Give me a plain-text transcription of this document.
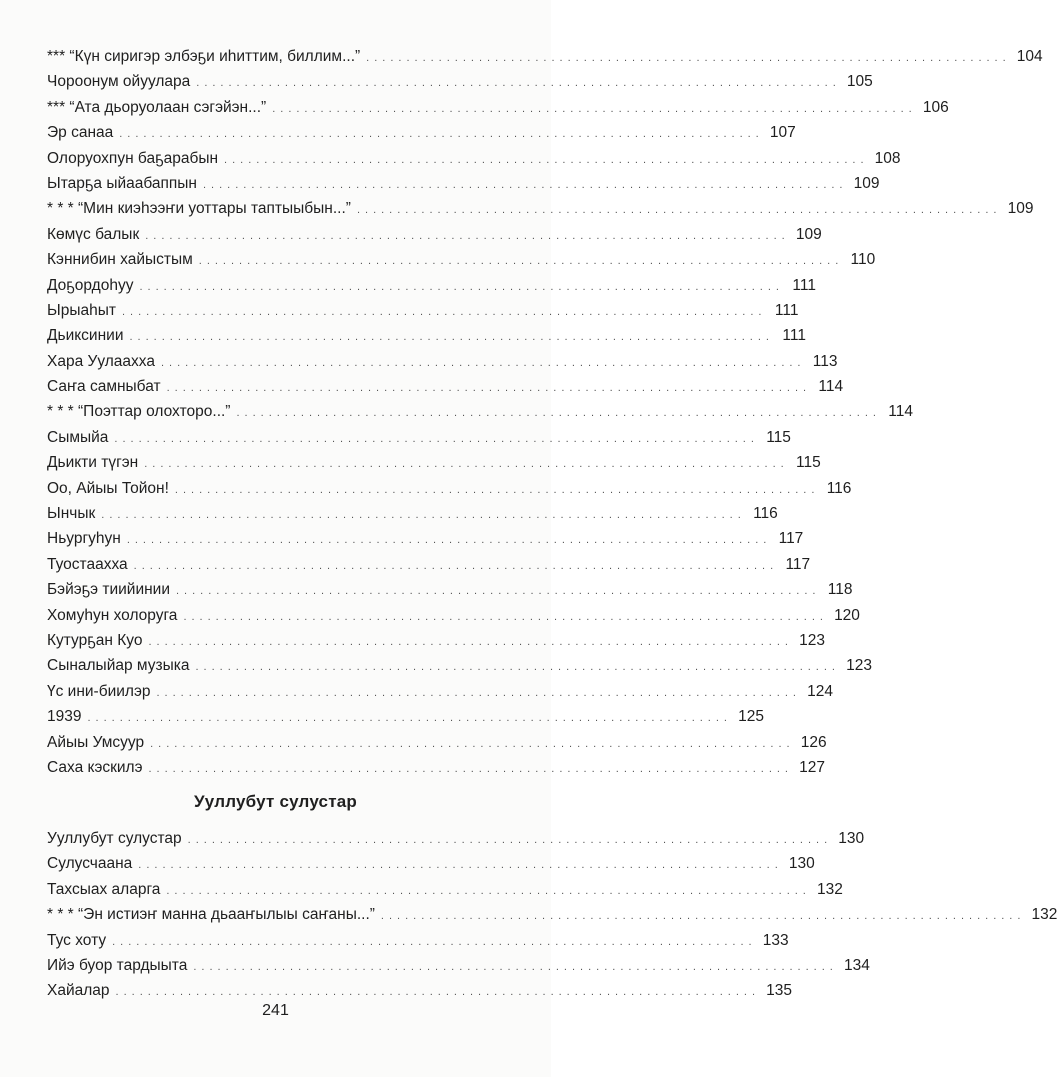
*** “Күн сиригэр элбэҕи иһиттим, биллим...” ................................................................................ 104
Чороонум ойуулара ................................................................................ 105
*** “Ата дьоруолаан сэгэйэн...” ................................................................................ 106
Эр санаа ................................................................................ 107
Олоруохпун баҕарабын ................................................................................ 108
Ытарҕа ыйаабаппын ................................................................................ 109
* * * “Мин киэһээҥи уоттары таптыыбын...” ................................................................................ 109
Көмүс балык ................................................................................ 109
Кэннибин хайыстым ................................................................................ 110
Доҕордоһуу ................................................................................ 111
Ырыаһыт ................................................................................ 111
Дьиксинии ................................................................................ 111
Хара Уулаахха ................................................................................ 113
Саҥа самныбат ................................................................................ 114
* * * “Поэттар олохторо...” ................................................................................ 114
Сымыйа ................................................................................ 115
Дьикти түгэн ................................................................................ 115
Оо, Айыы Тойон! ................................................................................ 116
Ынчык ................................................................................ 116
Ньургуһун ................................................................................ 117
Туостаахха ................................................................................ 117
Бэйэҕэ тиийинии ................................................................................ 118
Хомуһун холоруга ................................................................................ 120
Кутурҕан Куо ................................................................................ 123
Сыналыйар музыка ................................................................................ 123
Үс ини-биилэр ................................................................................ 124
1939 ................................................................................ 125
Айыы Умсуур ................................................................................ 126
Саха кэскилэ ................................................................................ 127
Ууллубут сулустар
Ууллубут сулустар ................................................................................ 130
Сулусчаана ................................................................................ 130
Тахсыах аларга ................................................................................ 132
* * * “Эн истиэҥ манна дьааҥылыы саҥаны...” ................................................................................ 132
Тус хоту ................................................................................ 133
Ийэ буор тардыыта ................................................................................ 134
Хайалар ................................................................................ 135
241
